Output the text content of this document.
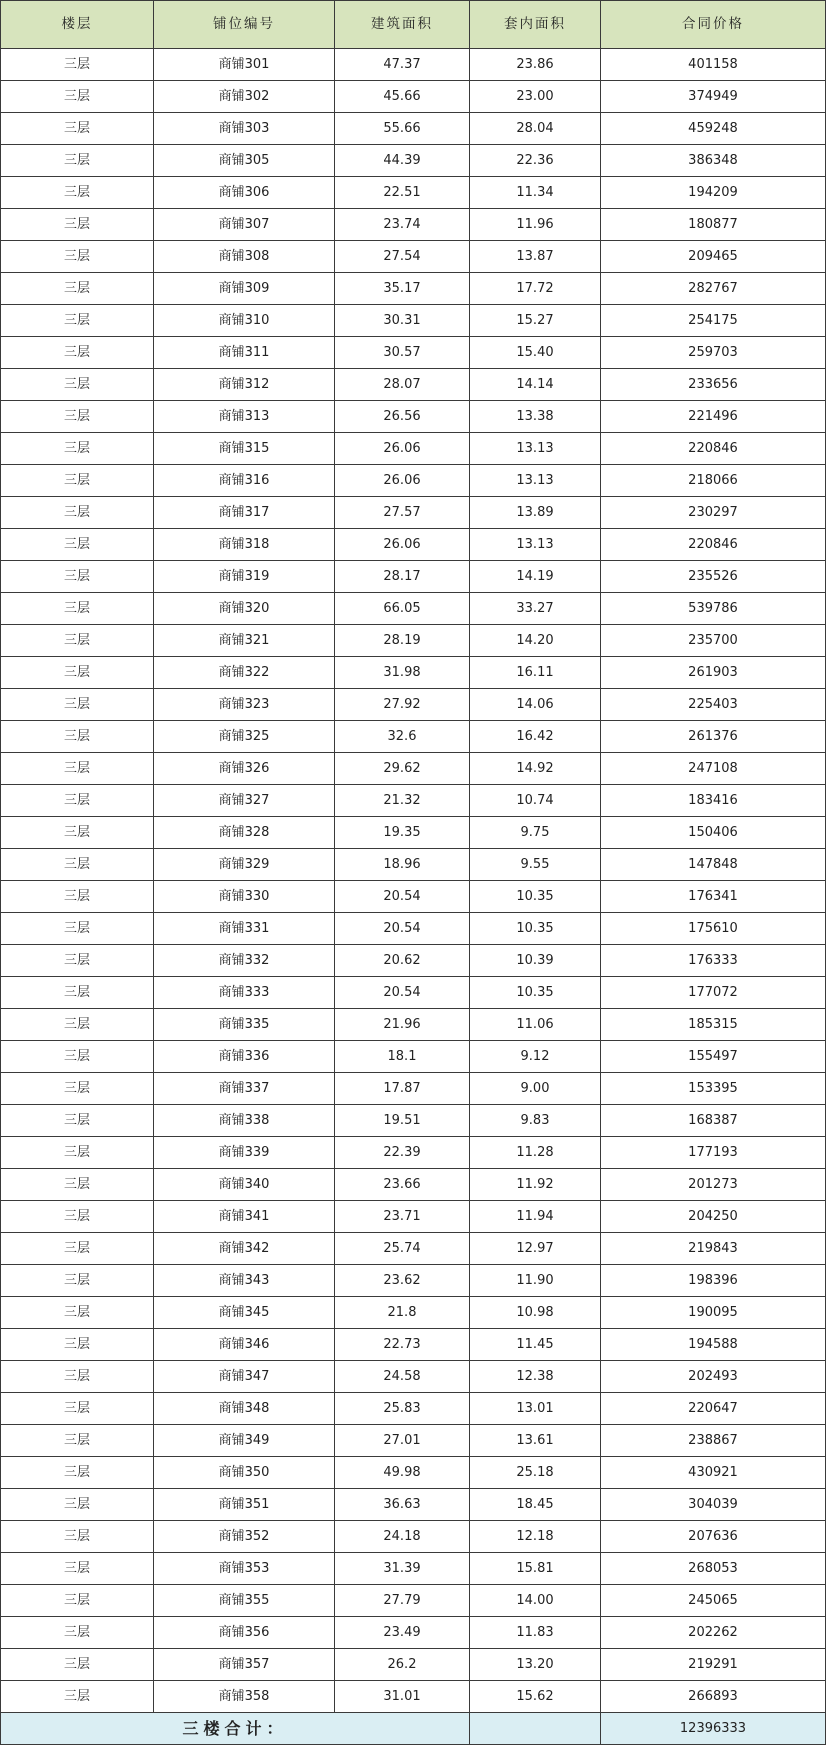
楼层	铺位编号	建筑面积	套内面积	合同价格
三层	商铺301	47.37	23.86	401158
三层	商铺302	45.66	23.00	374949
三层	商铺303	55.66	28.04	459248
三层	商铺305	44.39	22.36	386348
三层	商铺306	22.51	11.34	194209
三层	商铺307	23.74	11.96	180877
三层	商铺308	27.54	13.87	209465
三层	商铺309	35.17	17.72	282767
三层	商铺310	30.31	15.27	254175
三层	商铺311	30.57	15.40	259703
三层	商铺312	28.07	14.14	233656
三层	商铺313	26.56	13.38	221496
三层	商铺315	26.06	13.13	220846
三层	商铺316	26.06	13.13	218066
三层	商铺317	27.57	13.89	230297
三层	商铺318	26.06	13.13	220846
三层	商铺319	28.17	14.19	235526
三层	商铺320	66.05	33.27	539786
三层	商铺321	28.19	14.20	235700
三层	商铺322	31.98	16.11	261903
三层	商铺323	27.92	14.06	225403
三层	商铺325	32.6	16.42	261376
三层	商铺326	29.62	14.92	247108
三层	商铺327	21.32	10.74	183416
三层	商铺328	19.35	9.75	150406
三层	商铺329	18.96	9.55	147848
三层	商铺330	20.54	10.35	176341
三层	商铺331	20.54	10.35	175610
三层	商铺332	20.62	10.39	176333
三层	商铺333	20.54	10.35	177072
三层	商铺335	21.96	11.06	185315
三层	商铺336	18.1	9.12	155497
三层	商铺337	17.87	9.00	153395
三层	商铺338	19.51	9.83	168387
三层	商铺339	22.39	11.28	177193
三层	商铺340	23.66	11.92	201273
三层	商铺341	23.71	11.94	204250
三层	商铺342	25.74	12.97	219843
三层	商铺343	23.62	11.90	198396
三层	商铺345	21.8	10.98	190095
三层	商铺346	22.73	11.45	194588
三层	商铺347	24.58	12.38	202493
三层	商铺348	25.83	13.01	220647
三层	商铺349	27.01	13.61	238867
三层	商铺350	49.98	25.18	430921
三层	商铺351	36.63	18.45	304039
三层	商铺352	24.18	12.18	207636
三层	商铺353	31.39	15.81	268053
三层	商铺355	27.79	14.00	245065
三层	商铺356	23.49	11.83	202262
三层	商铺357	26.2	13.20	219291
三层	商铺358	31.01	15.62	266893
三楼合计：				12396333
